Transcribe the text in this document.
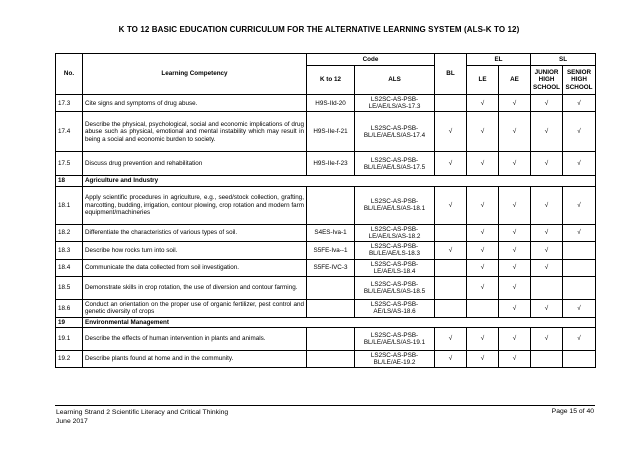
K TO 12 BASIC EDUCATION CURRICULUM FOR THE ALTERNATIVE LEARNING SYSTEM (ALS-K TO 12)
No.	Learning Competency	Code		BL	EL		SL	
		K to 12	ALS		LE	AE	JUNIOR HIGH SCHOOL	SENIOR HIGH SCHOOL
17.3	Cite signs and symptoms of drug abuse.	H9S-IId-20	LS2SC-AS-PSB-LE/AE/LS/AS-17.3		√	√	√	√
17.4	Describe the physical, psychological, social and economic implications of drug abuse such as physical, emotional and mental instability which may result in being a social and economic burden to society.	H9S-IIe-f-21	LS2SC-AS-PSB-BL/LE/AE/LS/AS-17.4	√	√	√	√	√
17.5	Discuss drug prevention and rehabilitation	H9S-IIe-f-23	LS2SC-AS-PSB-BL/LE/AE/LS/AS-17.5	√	√	√	√	√
18	Agriculture and Industry							
18.1	Apply scientific procedures in agriculture, e.g., seed/stock collection, grafting, marcotting, budding, irrigation, contour plowing, crop rotation and modern farm equipment/machineries		LS2SC-AS-PSB-BL/LE/AE/LS/AS-18.1	√	√	√	√	√
18.2	Differentiate the characteristics of various types of soil.	S4ES-Iva-1	LS2SC-AS-PSB-LE/AE/LS/AS-18.2		√	√	√	√
18.3	Describe how rocks turn into soil.	S5FE-Iva--1	LS2SC-AS-PSB-BL/LE/AE/LS-18.3	√	√	√	√	
18.4	Communicate the data collected from soil investigation.	S5FE-IVC-3	LS2SC-AS-PSB-LE/AE/LS-18.4		√	√	√	
18.5	Demonstrate skills in crop rotation, the use of diversion and contour farming.		LS2SC-AS-PSB-BL/LE/AE/LS/AS-18.5		√	√		
18.6	Conduct an orientation on the proper use of organic fertilizer, pest control and genetic diversity of crops		LS2SC-AS-PSB-AE/LS/AS-18.6			√	√	√
19	Environmental Management							
19.1	Describe the effects of human intervention in plants and animals.		LS2SC-AS-PSB-BL/LE/AE/LS/AS-19.1	√	√	√	√	√
19.2	Describe plants found at home and in the community.		LS2SC-AS-PSB-BL/LE/AE-19.2	√	√	√		
Learning Strand 2 Scientific Literacy and Critical Thinking
June 2017
Page 15 of 40
